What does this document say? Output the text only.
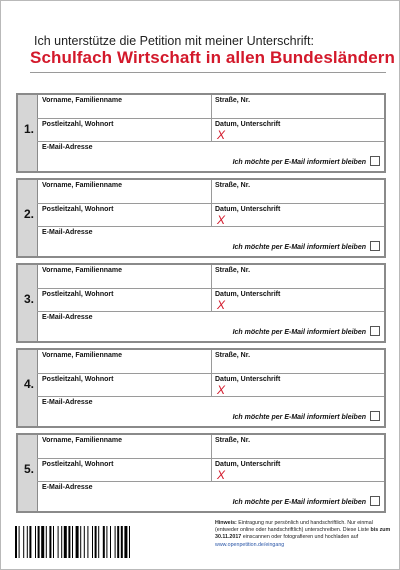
Ich unterstütze die Petition mit meiner Unterschrift:
Schulfach Wirtschaft in allen Bundesländern
1.
Vorname, Familienname	Straße, Nr.
Postleitzahl, Wohnort	Datum, Unterschrift
X
E-Mail-Adresse
Ich möchte per E-Mail informiert bleiben
2.
Vorname, Familienname	Straße, Nr.
Postleitzahl, Wohnort	Datum, Unterschrift
X
E-Mail-Adresse
Ich möchte per E-Mail informiert bleiben
3.
Vorname, Familienname	Straße, Nr.
Postleitzahl, Wohnort	Datum, Unterschrift
X
E-Mail-Adresse
Ich möchte per E-Mail informiert bleiben
4.
Vorname, Familienname	Straße, Nr.
Postleitzahl, Wohnort	Datum, Unterschrift
X
E-Mail-Adresse
Ich möchte per E-Mail informiert bleiben
5.
Vorname, Familienname	Straße, Nr.
Postleitzahl, Wohnort	Datum, Unterschrift
X
E-Mail-Adresse
Ich möchte per E-Mail informiert bleiben
Hinweis: Eintragung nur persönlich und handschriftlich. Nur einmal (entweder online oder handschriftlich) unterschreiben. Diese Liste bis zum 30.11.2017 einscannen oder fotografieren und hochladen auf
www.openpetition.de/eingang
